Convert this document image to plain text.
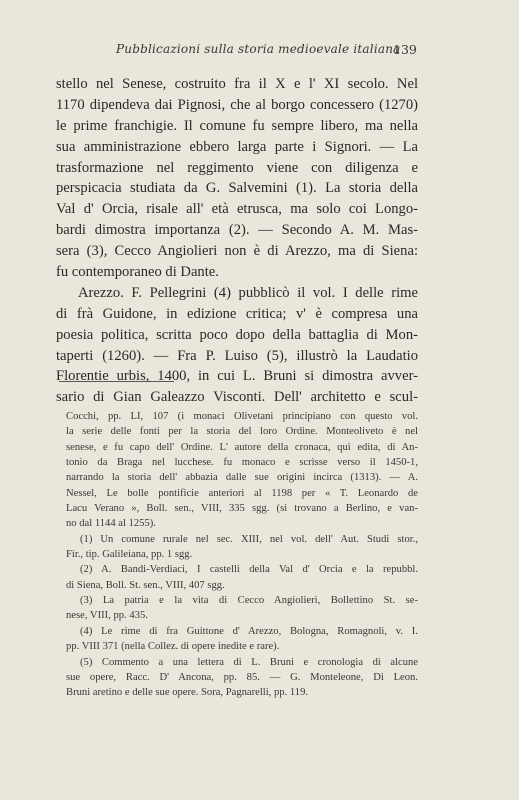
Pubblicazioni sulla storia medioevale italiana
139

stello nel Senese, costruito fra il X e l' XI secolo. Nel
1170 dipendeva dai Pignosi, che al borgo concessero (1270)
le prime franchigie. Il comune fu sempre libero, ma nella
sua amministrazione ebbero larga parte i Signori. — La
trasformazione nel reggimento viene con diligenza e
perspicacia studiata da G. Salvemini (1). La storia della
Val d' Orcia, risale all' età etrusca, ma solo coi Longo-
bardi dimostra importanza (2). — Secondo A. M. Mas-
sera (3), Cecco Angiolieri non è di Arezzo, ma di Siena:
fu contemporaneo di Dante.

Arezzo. F. Pellegrini (4) pubblicò il vol. I delle rime
di frà Guidone, in edizione critica; v' è compresa una
poesia politica, scritta poco dopo della battaglia di Mon-
taperti (1260). — Fra P. Luiso (5), illustrò la Laudatio
Florentie urbis, 1400, in cui L. Bruni si dimostra avver-
sario di Gian Galeazzo Visconti. Dell' architetto e scul-

Cocchi, pp. LI, 107 (i monaci Olivetani principiano con questo vol.
la serie delle fonti per la storia del loro Ordine. Monteoliveto è nel
senese, e fu capo dell' Ordine. L' autore della cronaca, qui edita, di An-
tonio da Braga nel lucchese. fu monaco e scrisse verso il 1450-1,
narrando la storia dell' abbazia dalle sue origini incirca (1313). — A.
Nessel, Le bolle pontificie anteriori al 1198 per « T. Leonardo de
Lacu Verano », Boll. sen., VIII, 335 sgg. (si trovano a Berlino, e van-
no dal 1144 al 1255).
(1) Un comune rurale nel sec. XIII, nel vol. dell' Aut. Studi stor.,
Fir., tip. Galileiana, pp. 1 sgg.
(2) A. Bandi-Verdiaci, I castelli della Val d' Orcia e la repubbl.
di Siena, Boll. St. sen., VIII, 407 sgg.
(3) La patria e la vita di Cecco Angiolieri, Bollettino St. se-
nese, VIII, pp. 435.
(4) Le rime di fra Guittone d' Arezzo, Bologna, Romagnoli, v. I.
pp. VIII 371 (nella Collez. di opere inedite e rare).
(5) Commento a una lettera di L. Bruni e cronologia di alcune
sue opere, Racc. D' Ancona, pp. 85. — G. Monteleone, Di Leon.
Bruni aretino e delle sue opere. Sora, Pagnarelli, pp. 119.
